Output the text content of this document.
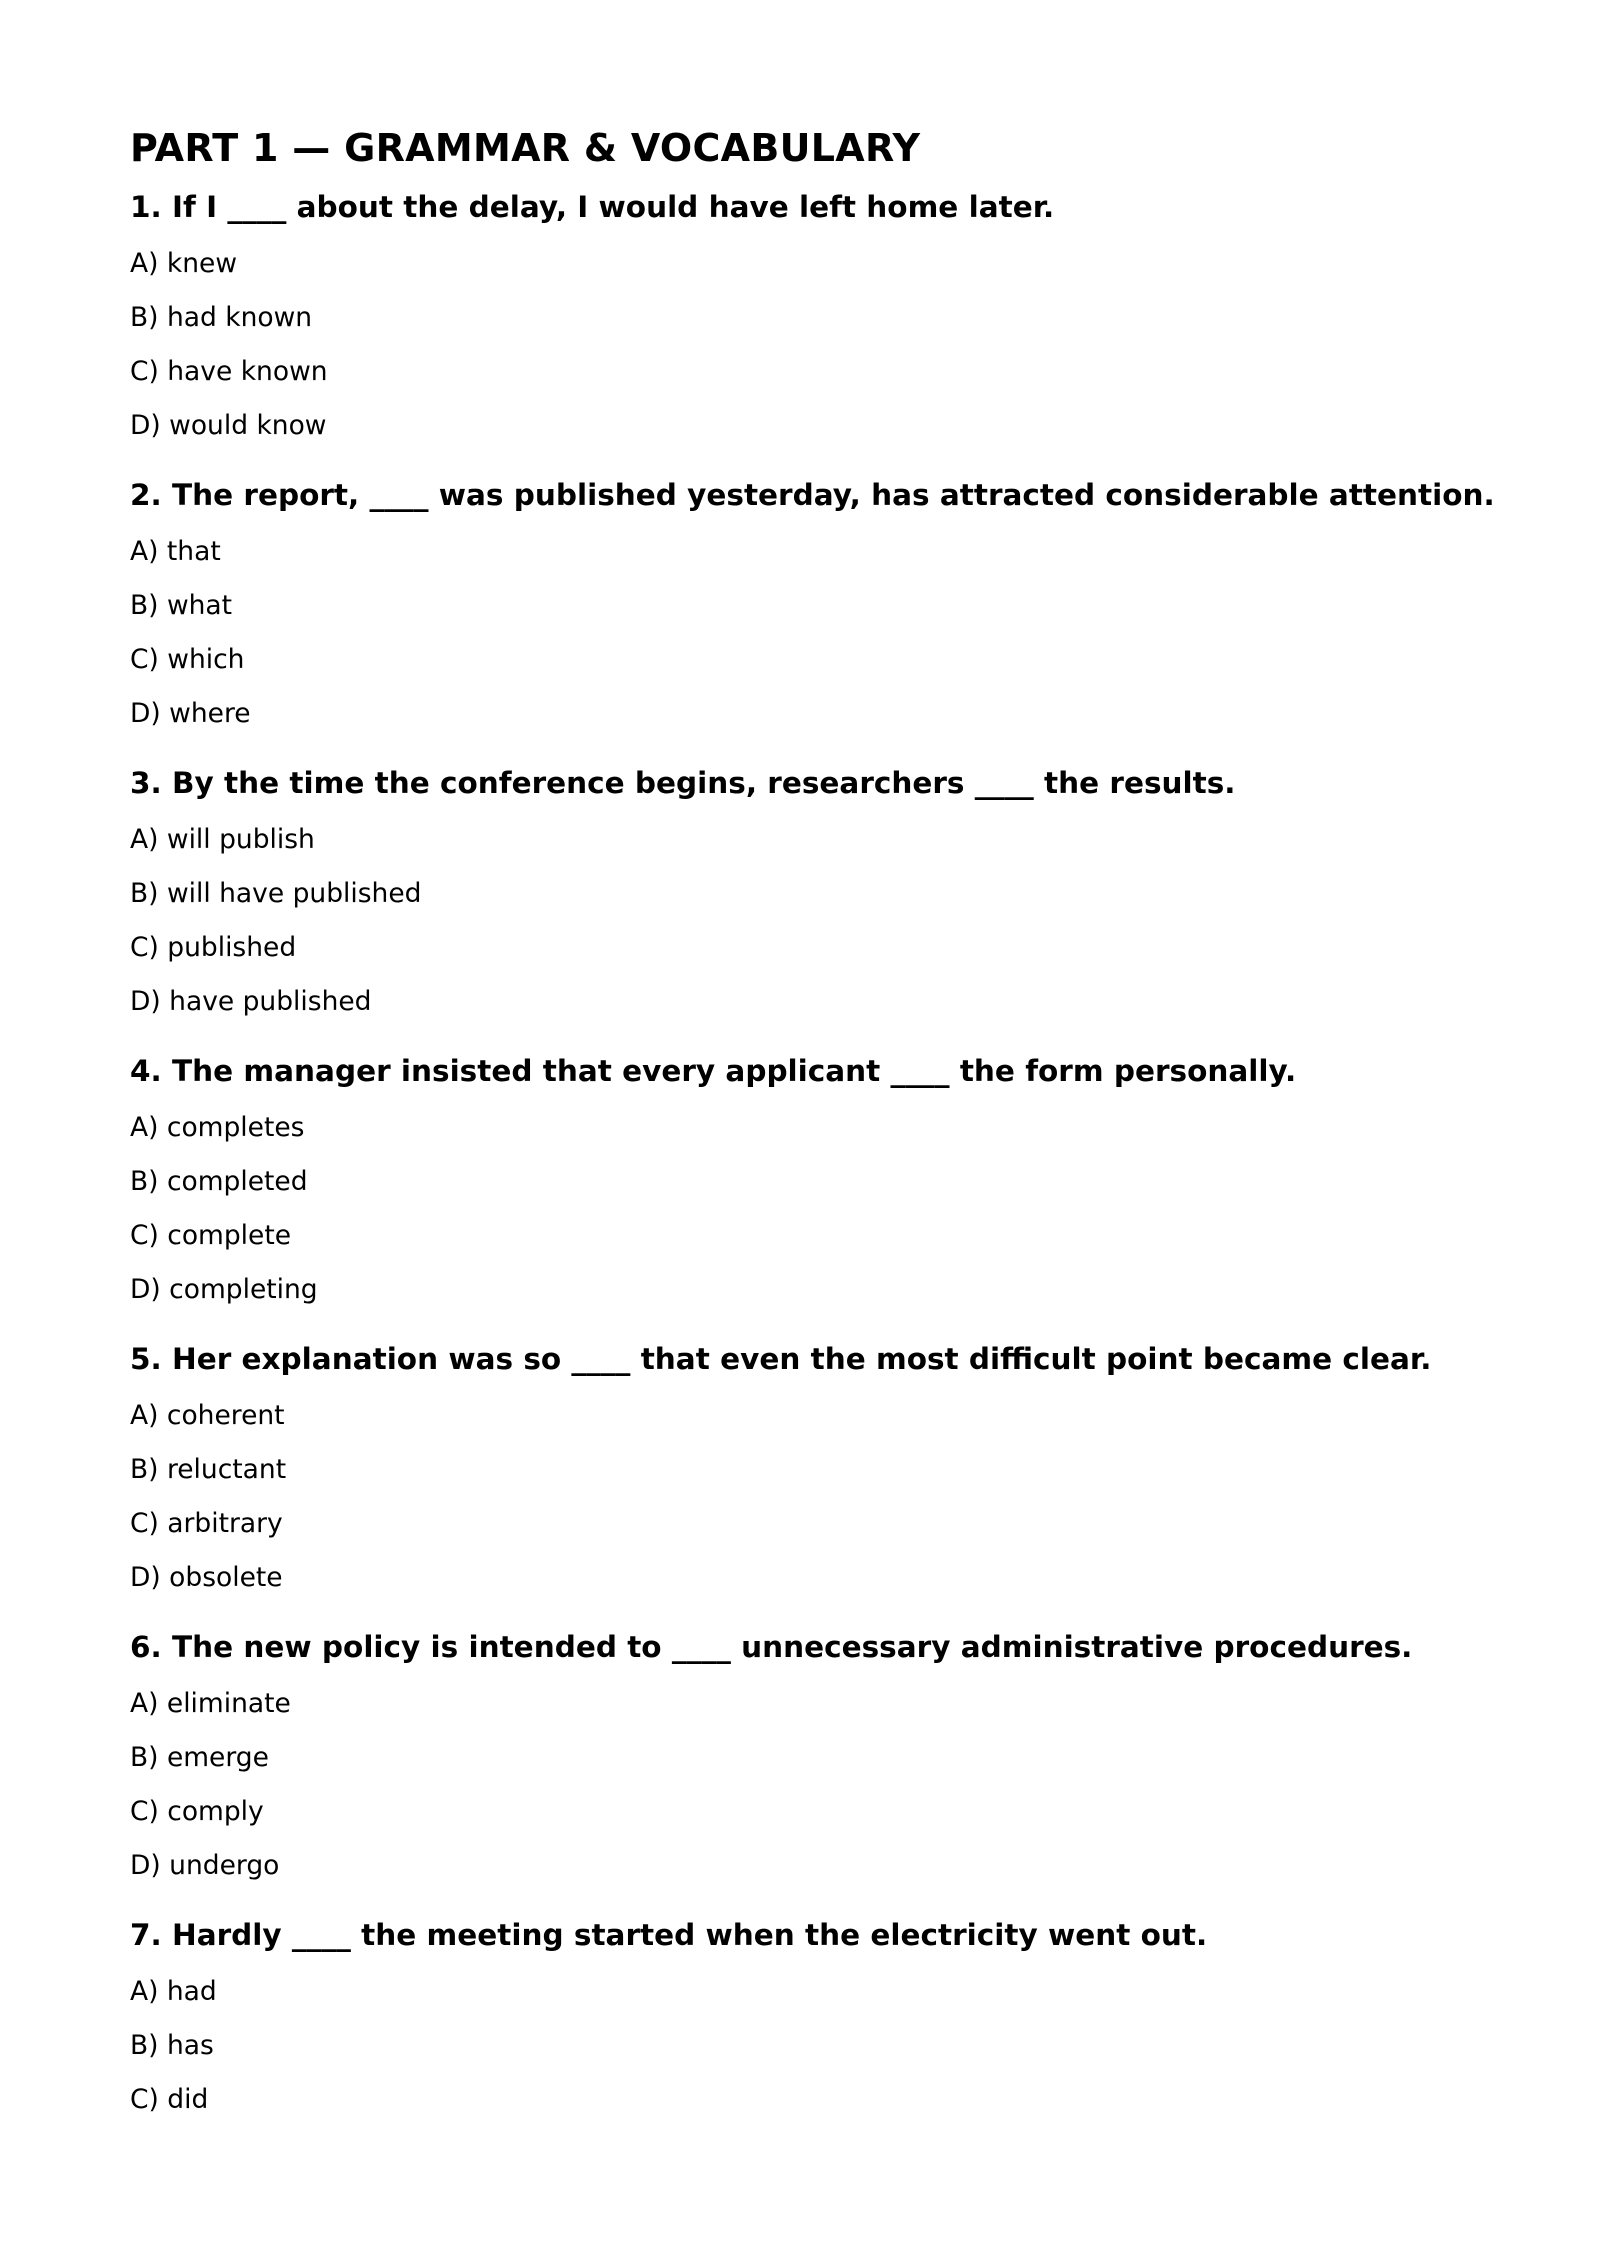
PART 1 — GRAMMAR & VOCABULARY
1. If I ____ about the delay, I would have left home later.
A) knew
B) had known
C) have known
D) would know
2. The report, ____ was published yesterday, has attracted considerable attention.
A) that
B) what
C) which
D) where
3. By the time the conference begins, researchers ____ the results.
A) will publish
B) will have published
C) published
D) have published
4. The manager insisted that every applicant ____ the form personally.
A) completes
B) completed
C) complete
D) completing
5. Her explanation was so ____ that even the most difficult point became clear.
A) coherent
B) reluctant
C) arbitrary
D) obsolete
6. The new policy is intended to ____ unnecessary administrative procedures.
A) eliminate
B) emerge
C) comply
D) undergo
7. Hardly ____ the meeting started when the electricity went out.
A) had
B) has
C) did
